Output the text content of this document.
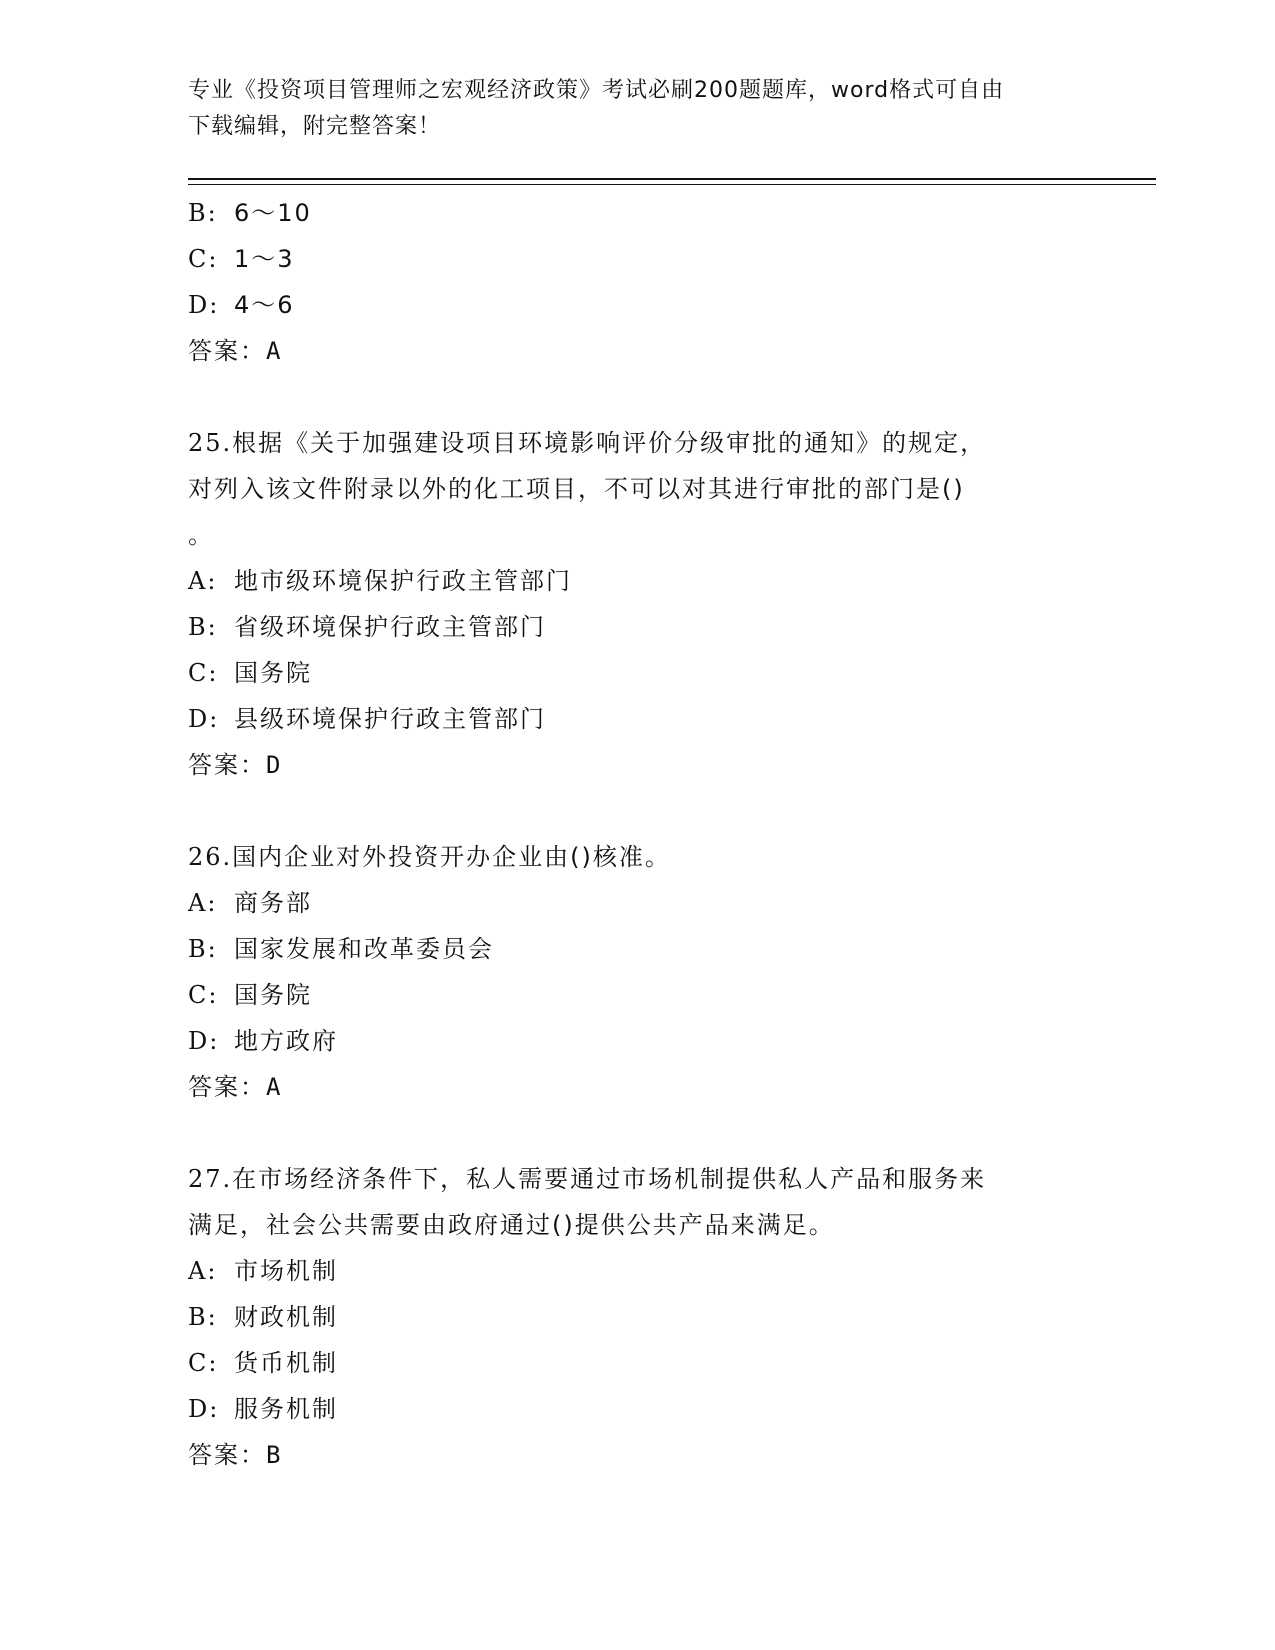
专业《投资项目管理师之宏观经济政策》考试必刷200题题库，word格式可自由
下载编辑，附完整答案！
B: 6～10
C: 1～3
D: 4～6
答案：A
25.根据《关于加强建设项目环境影响评价分级审批的通知》的规定，
对列入该文件附录以外的化工项目，不可以对其进行审批的部门是()
。
A: 地市级环境保护行政主管部门
B: 省级环境保护行政主管部门
C: 国务院
D: 县级环境保护行政主管部门
答案：D
26.国内企业对外投资开办企业由()核准。
A: 商务部
B: 国家发展和改革委员会
C: 国务院
D: 地方政府
答案：A
27.在市场经济条件下，私人需要通过市场机制提供私人产品和服务来
满足，社会公共需要由政府通过()提供公共产品来满足。
A: 市场机制
B: 财政机制
C: 货币机制
D: 服务机制
答案：B
